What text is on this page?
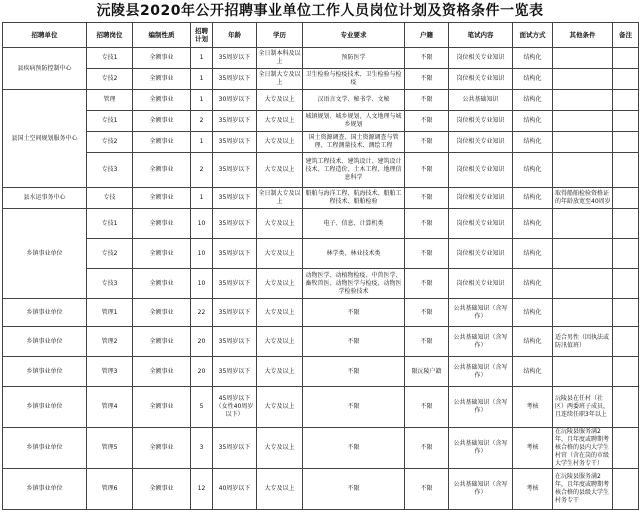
沅陵县2020年公开招聘事业单位工作人员岗位计划及资格条件一览表
招聘单位	招聘岗位	编制性质	招聘计划	年龄	学历	专业要求	户籍	笔试内容	面试方式	其他条件	备注
县疾病预防控制中心	专技1	全额事业	1	35周岁以下	全日制本科及以上	预防医学	不限	岗位相关专业知识	结构化		
	专技2	全额事业	1	35周岁以下	全日制大专及以上	卫生检验与检疫技术、卫生检验与检疫	不限	岗位相关专业知识	结构化		
县国土空间规划服务中心	管理	全额事业	1	30周岁以下	大专及以上	汉语言文学、秘书学、文秘	不限	公共基础知识	结构化		
	专技1	全额事业	2	35周岁以下	大专及以上	城镇规划、城乡规划、人文地理与城乡规划	不限	岗位相关专业知识	结构化		
	专技2	全额事业	1	35周岁以下	大专及以上	国土资源调查、国土资源调查与管理、工程测量技术、测绘工程	不限	岗位相关专业知识	结构化		
	专技3	全额事业	2	35周岁以下	大专及以上	建筑工程技术、建筑设计、建筑设计技术、工程造价、土木工程、地理信息科学	不限	岗位相关专业知识	结构化		
县水运事务中心	专技	全额事业	1	35周岁以下	全日制大专及以上	船舶与海洋工程、航海技术、船舶工程技术、船舶检验	不限	岗位相关专业知识	结构化	取得船舶检验资格证的年龄放宽至40周岁	
乡镇事业单位	专技1	全额事业	10	35周岁以下	大专及以上	电子、信息、计算机类	不限	岗位相关专业知识	结构化		
	专技2	全额事业	10	35周岁以下	大专及以上	林学类、林业技术类	不限	岗位相关专业知识	结构化		
	专技3	全额事业	10	35周岁以下	大专及以上	动物医学、动植物检疫、中兽医学、畜牧兽医、动物医学与检疫、动物医学检验技术	不限	岗位相关专业知识	结构化		
乡镇事业单位	管理1	全额事业	22	35周岁以下	大专及以上	不限	不限	公共基础知识（含写作）	结构化		
乡镇事业单位	管理2	全额事业	20	35周岁以下	大专及以上	不限	不限	公共基础知识（含写作）	结构化	适合男性（因执法或防汛值班）	
乡镇事业单位	管理3	全额事业	20	35周岁以下	大专及以上	不限	限沅陵户籍	公共基础知识（含写作）	结构化		
乡镇事业单位	管理4	全额事业	5	45周岁以下（女性40周岁以下）	大专及以上	不限	不限	公共基础知识（含写作）	考核	沅陵县在任村（社区）两委班子成员，且连续任职3年以上	
乡镇事业单位	管理5	全额事业	3	35周岁以下	大专及以上	不限	不限	公共基础知识（含写作）	考核	在沅陵县服务满2年，且年度或聘期考核合格的县内大学生村官（含在岗的市级大学生村务专干）	
乡镇事业单位	管理6	全额事业	12	40周岁以下	大专及以上	不限	不限	公共基础知识（含写作）	考核	在沅陵县服务满2年，且年度或聘期考核合格的县级大学生村务专干	
